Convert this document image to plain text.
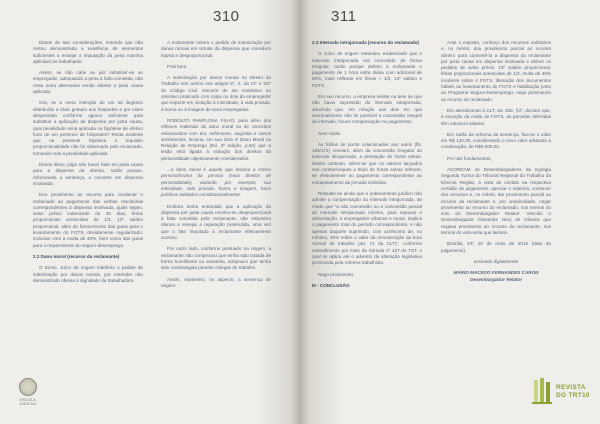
310

Diante de tais considerações, entendo que não restou demonstrada a existência de elementos suficientes a ensejar a imputação da pena máxima aplicável ao trabalhador.

Assim, se não cabe ao juiz substituir-se ao empregador, adequando a pena à falta cometida, não resta outra alternativa senão afastar a justa causa aplicada.

Ora, se a mera intenção de um tal ilegítimo distribuído a título gratuito aos hóspedes e por estes desprezado conforme agravo suficiente para substituir a aplicação da dispensa por justa causa, qual penalidade seria aplicada na hipótese de efetivo furto de um pertence de hóspedes? Resta evidente que na presente hipótese o requisito proporcionalidade não foi observado pelo reclamado, tornando nula a penalidade aplicada.

Diante disso, julgo não haver falar em justa causa para a dispensa da obreira, razão porque, reformando a sentença, a converto em dispensa imotivada.

Dou provimento ao recurso para condenar o reclamado ao pagamento das verbas rescisórias correspondentes à dispensa imotivada, quais sejam, aviso prévio indenizado de 30 dias, férias proporcionais acrescidas de 1/3, 13º salário proporcional, além do fornecimento das guias para o levantamento do FGTS, devidamente regularizado, inclusive com a multa de 40%, bem como das guias para o requerimento do seguro-desemprego.

2.2 Dano moral (recurso da reclamante)

O Exmo. Juízo de origem indeferiu o pedido de indenização por danos morais, por entender não demonstrado ofensa à dignidade da trabalhadora.

A reclamante reitera o pedido de indenização por danos morais em virtude da dispensa que considera injusta e desproporcional.

Pois bem.

A indenização por danos morais no Direito do Trabalho tem arrimo nos artigos 5º, X, da CF e 927 do Código Civil. Decorre de ato comissivo ou omissivo praticado com culpa ou dolo do empregador que importe em violação à intimidade, à vida privada, à honra ou à imagem de seus empregados.

RODOLFO PAMPLONA FILHO, para além dos reflexos materiais do dano moral ou de conceitos relacionados com dor, sofrimento, angústia e outros sentimentos, leciona, em sua obra O Dano Moral na Relação de Emprego (Ed. 3ª edição, p.52) que a lesão está ligada à violação dos direitos da personalidade objetivamente considerados:

...o dano moral é aquele que lesiona a esfera personalíssima da pessoa (seus direitos de personalidade), violando, por exemplo, sua intimidade, vida privada, honra e imagem, bens jurídicos tutelados constitucionalmente.

Embora tenha entendido que a aplicação da dispensa por justa causa revelou-se desproporcional à falta cometida pela reclamante, não vislumbro ofensa a ensejar a reparação pretendida, uma vez que o fato imputado à reclamante efetivamente ocorreu.

Por outro lado, conforme pontuado na origem, a reclamante não comprovou que tenha sido tratada de forma humilhante ou vexatória, tampouco que tenha sido constrangida perante colegas de trabalho.

Assim, mantenho, no aspecto, a sentença de origem.

ESCOLA JUDICIAL
311

2.3 Intervalo intrajornada (recurso do reclamado)

O Juízo de origem entendeu evidenciado que o intervalo intrajornada era concedido de forma irregular, razão porque deferiu à reclamante o pagamento de 1 hora extra diária com adicional de 50%, mais reflexos em férias + 1/3, 13º salário e FGTS.

Em seu recurso, a empresa insiste na tese de que não havia supressão do intervalo intrajornada, aduzindo que, em relação aos dias em que eventualmente não foi possível a concessão integral do intervalo, houve compensação no pagamento.

Sem razão.

As folhas de ponto colacionadas aos autos (fls. 158/171) revelam, além da concessão irregular do intervalo intrajornada, a prestação de horas extras. Nesse contexto, infere-se que os valores lançados nos contracheques a título de horas extras referem-se efetivamente ao pagamento correspondente ao extrapolamento da jornada ordinária.

Ressalte-se ainda que o ordenamento jurídico não admite a compensação do intervalo intrajornada, de modo que "a não concessão ou a concessão parcial do intervalo intrajornada mínimo, para repouso e alimentação, a empregados urbanos e rurais, implica o pagamento total do período correspondente, e não apenas daquele suprimido, com acréscimo de, no mínimo, 50% sobre o valor da remuneração da hora normal de trabalho (art. 71 da CLT)", conforme entendimento por meio da Súmula nº 437 do TST, o qual se aplica até o advento da alteração legislativa promovida pela reforma trabalhista.

Nego provimento.

III - CONCLUSÃO

Ante o exposto, conheço dos recursos ordinários e, no mérito, dou provimento parcial ao recurso obreiro para convertê-la a dispensa da reclamante por justa causa em dispensa imotivada e deferir os pedidos de aviso prévio, 13º salário proporcional, férias proporcionais acrescidas de 1/3, multa de 40% incidente sobre o FGTS, liberação dos documentos hábeis ao levantamento do FGTS e habilitação junto ao Programa Seguro-Desemprego; nego provimento ao recurso do reclamado.

Em atendimento à CLT, art. 832, §3º, declaro que, à exceção da multa do FGTS, as parcelas deferidas têm natureza salarial.

Em razão da reforma da sentença, fixa-se o valor em R$ 120,00, considerando o novo valor arbitrado à condenação, de R$6.000,00.

Por tais fundamentos,

ACORDAM os Desembargadores da Egrégia Segunda Turma do Tribunal Regional do Trabalho da Décima Região, à vista do contido na respectiva certidão de julgamento, aprovar o relatório, conhecer dos recursos e, no mérito, dar provimento parcial ao recurso da reclamante e, por unanimidade, negar provimento ao recurso do reclamado, nos termos do voto do Desembargador Relator. Vencido o Desembargador Alexandre Nery de Oliveira que negava provimento ao recurso da reclamante, nos termos do voto-vista que lavrará.

Brasília, DF, 20 de maio de 2015 (data do julgamento).

assinado digitalmente

MÁRIO MACEDO FERNANDES CARON

Desembargador Relator

REVISTA
DO TRT10
